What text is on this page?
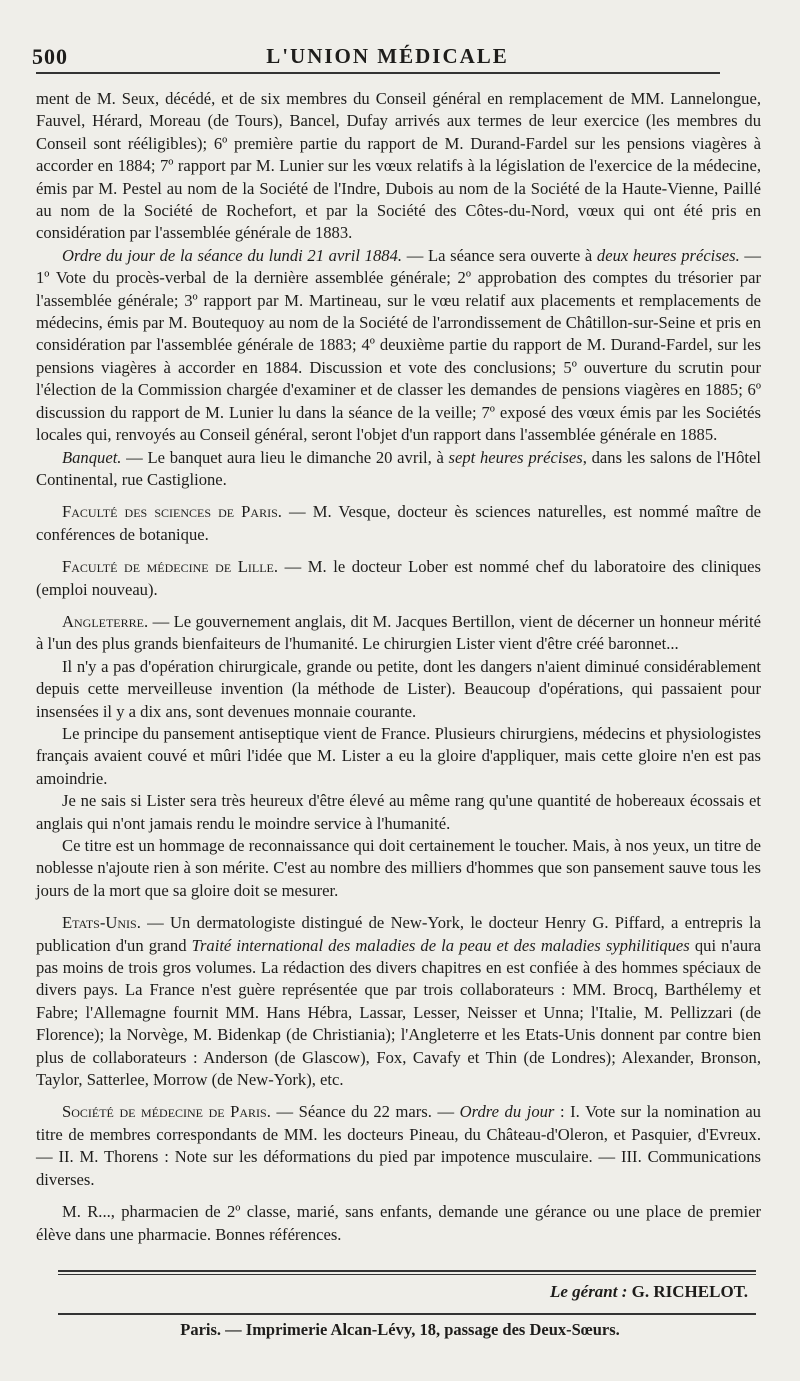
500	L'UNION MÉDICALE

ment de M. Seux, décédé, et de six membres du Conseil général en remplacement de MM. Lannelongue, Fauvel, Hérard, Moreau (de Tours), Bancel, Dufay arrivés aux termes de leur exercice (les membres du Conseil sont rééligibles); 6º première partie du rapport de M. Durand-Fardel sur les pensions viagères à accorder en 1884; 7º rapport par M. Lunier sur les vœux relatifs à la législation de l'exercice de la médecine, émis par M. Pestel au nom de la Société de l'Indre, Dubois au nom de la Société de la Haute-Vienne, Paillé au nom de la Société de Rochefort, et par la Société des Côtes-du-Nord, vœux qui ont été pris en considération par l'assemblée générale de 1883.

Ordre du jour de la séance du lundi 21 avril 1884. — La séance sera ouverte à deux heures précises. — 1º Vote du procès-verbal de la dernière assemblée générale; 2º approbation des comptes du trésorier par l'assemblée générale; 3º rapport par M. Martineau, sur le vœu relatif aux placements et remplacements de médecins, émis par M. Boutequoy au nom de la Société de l'arrondissement de Châtillon-sur-Seine et pris en considération par l'assemblée générale de 1883; 4º deuxième partie du rapport de M. Durand-Fardel, sur les pensions viagères à accorder en 1884. Discussion et vote des conclusions; 5º ouverture du scrutin pour l'élection de la Commission chargée d'examiner et de classer les demandes de pensions viagères en 1885; 6º discussion du rapport de M. Lunier lu dans la séance de la veille; 7º exposé des vœux émis par les Sociétés locales qui, renvoyés au Conseil général, seront l'objet d'un rapport dans l'assemblée générale en 1885.

Banquet. — Le banquet aura lieu le dimanche 20 avril, à sept heures précises, dans les salons de l'Hôtel Continental, rue Castiglione.

Faculté des sciences de Paris. — M. Vesque, docteur ès sciences naturelles, est nommé maître de conférences de botanique.

Faculté de médecine de Lille. — M. le docteur Lober est nommé chef du laboratoire des cliniques (emploi nouveau).

Angleterre. — Le gouvernement anglais, dit M. Jacques Bertillon, vient de décerner un honneur mérité à l'un des plus grands bienfaiteurs de l'humanité. Le chirurgien Lister vient d'être créé baronnet...

Il n'y a pas d'opération chirurgicale, grande ou petite, dont les dangers n'aient diminué considérablement depuis cette merveilleuse invention (la méthode de Lister). Beaucoup d'opérations, qui passaient pour insensées il y a dix ans, sont devenues monnaie courante.

Le principe du pansement antiseptique vient de France. Plusieurs chirurgiens, médecins et physiologistes français avaient couvé et mûri l'idée que M. Lister a eu la gloire d'appliquer, mais cette gloire n'en est pas amoindrie.

Je ne sais si Lister sera très heureux d'être élevé au même rang qu'une quantité de hobereaux écossais et anglais qui n'ont jamais rendu le moindre service à l'humanité.

Ce titre est un hommage de reconnaissance qui doit certainement le toucher. Mais, à nos yeux, un titre de noblesse n'ajoute rien à son mérite. C'est au nombre des milliers d'hommes que son pansement sauve tous les jours de la mort que sa gloire doit se mesurer.

Etats-Unis. — Un dermatologiste distingué de New-York, le docteur Henry G. Piffard, a entrepris la publication d'un grand Traité international des maladies de la peau et des maladies syphilitiques qui n'aura pas moins de trois gros volumes. La rédaction des divers chapitres en est confiée à des hommes spéciaux de divers pays. La France n'est guère représentée que par trois collaborateurs : MM. Brocq, Barthélemy et Fabre; l'Allemagne fournit MM. Hans Hébra, Lassar, Lesser, Neisser et Unna; l'Italie, M. Pellizzari (de Florence); la Norvège, M. Bidenkap (de Christiania); l'Angleterre et les Etats-Unis donnent par contre bien plus de collaborateurs : Anderson (de Glascow), Fox, Cavafy et Thin (de Londres); Alexander, Bronson, Taylor, Satterlee, Morrow (de New-York), etc.

Société de médecine de Paris. — Séance du 22 mars. — Ordre du jour : I. Vote sur la nomination au titre de membres correspondants de MM. les docteurs Pineau, du Château-d'Oleron, et Pasquier, d'Evreux. — II. M. Thorens : Note sur les déformations du pied par impotence musculaire. — III. Communications diverses.

M. R..., pharmacien de 2º classe, marié, sans enfants, demande une gérance ou une place de premier élève dans une pharmacie. Bonnes références.

Le gérant : G. RICHELOT.
Paris. — Imprimerie Alcan-Lévy, 18, passage des Deux-Sœurs.
